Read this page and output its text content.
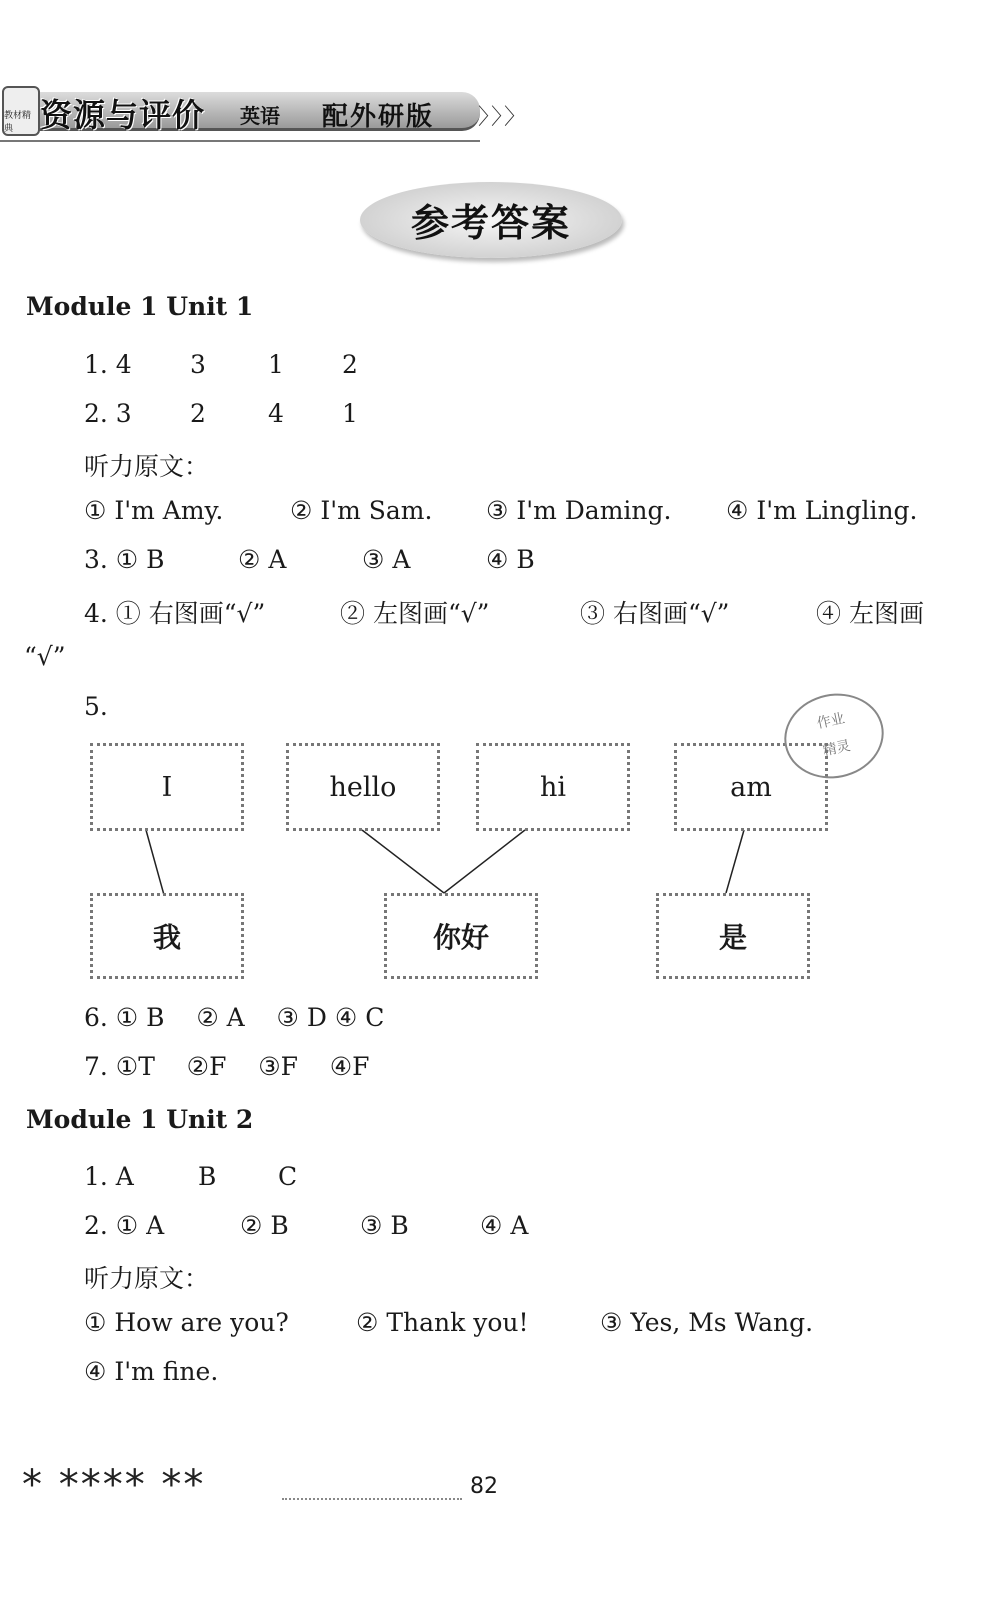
教材精典 资源与评价 英语 配外研版 〉〉〉
参考答案
Module 1 Unit 1
1. 4 3 1 2
2. 3 2 4 1
听力原文：
① I'm Amy.	② I'm Sam. ③ I'm Daming. ④ I'm Lingling.
3. ① B	② A	③ A	④ B
4. ① 右图画“√”	② 左图画“√”	③ 右图画“√”	④ 左图画
“√”
5.
I	hello	hi	am
我	你好	是
作业
精灵
6. ① B    ② A    ③ D ④ C
7. ①T    ②F    ③F    ④F
Module 1 Unit 2
1. A	B C
2. ① A	② B	③ B	④ A
听力原文：
① How are you?	② Thank you!	③ Yes, Ms Wang.
④ I'm fine.
* **** **	82
